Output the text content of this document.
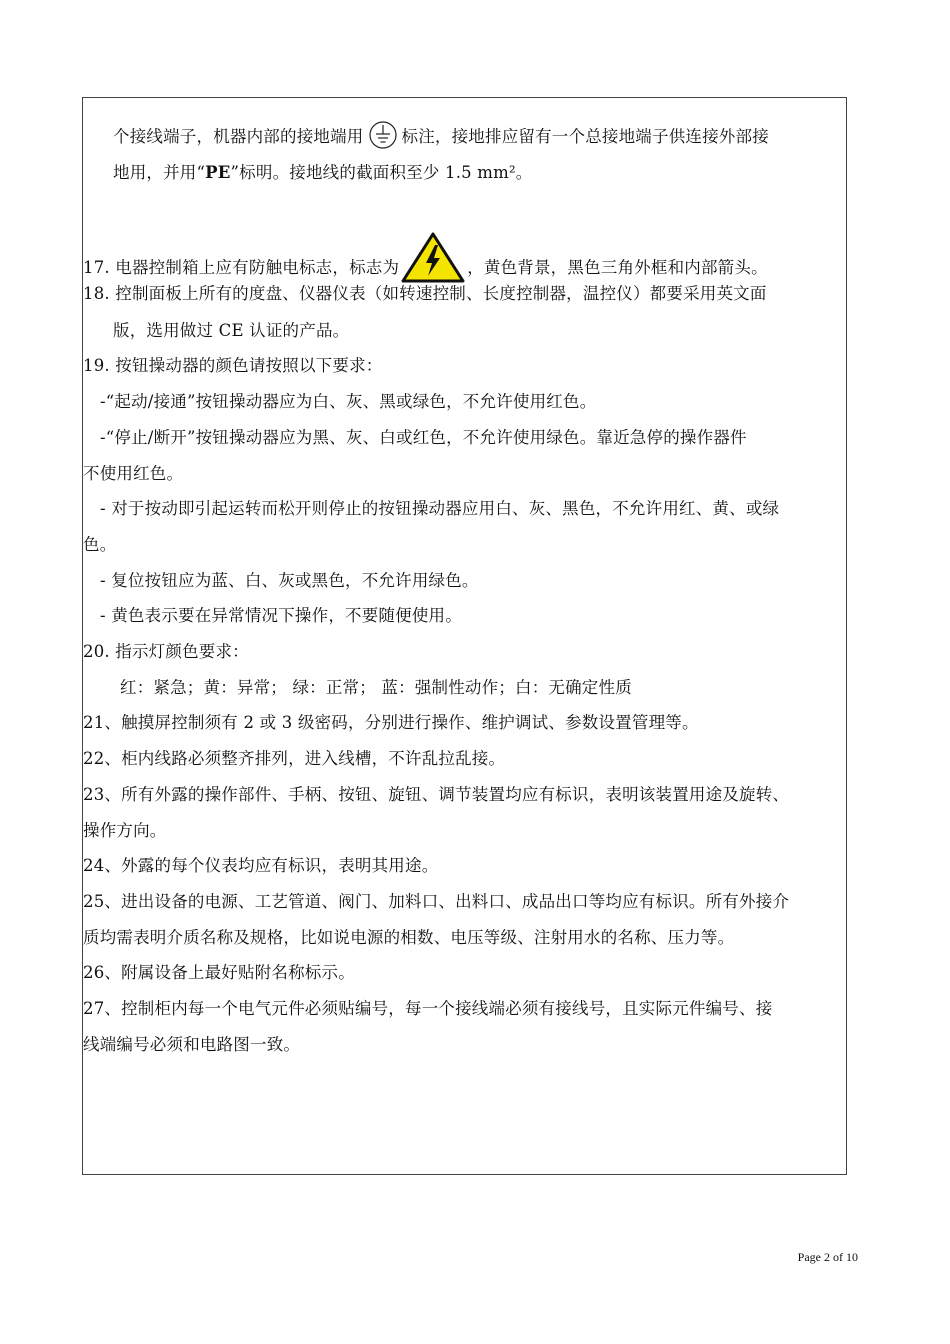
个接线端子，机器内部的接地端用 标注，接地排应留有一个总接地端子供连接外部接
地用，并用“PE”标明。接地线的截面积至少 1.5 mm²。
17. 电器控制箱上应有防触电标志，标志为	，黄色背景，黑色三角外框和内部箭头。
18. 控制面板上所有的度盘、仪器仪表（如转速控制、长度控制器，温控仪）都要采用英文面
版，选用做过 CE 认证的产品。
19. 按钮操动器的颜色请按照以下要求：
-“起动/接通”按钮操动器应为白、灰、黑或绿色，不允许使用红色。
-“停止/断开”按钮操动器应为黑、灰、白或红色，不允许使用绿色。靠近急停的操作器件
不使用红色。
- 对于按动即引起运转而松开则停止的按钮操动器应用白、灰、黑色，不允许用红、黄、或绿
色。
- 复位按钮应为蓝、白、灰或黑色，不允许用绿色。
- 黄色表示要在异常情况下操作，不要随便使用。
20. 指示灯颜色要求：
红：紧急；黄：异常； 绿：正常； 蓝：强制性动作；白：无确定性质
21、触摸屏控制须有 2 或 3 级密码，分别进行操作、维护调试、参数设置管理等。
22、柜内线路必须整齐排列，进入线槽，不许乱拉乱接。
23、所有外露的操作部件、手柄、按钮、旋钮、调节装置均应有标识，表明该装置用途及旋转、
操作方向。
24、外露的每个仪表均应有标识，表明其用途。
25、进出设备的电源、工艺管道、阀门、加料口、出料口、成品出口等均应有标识。所有外接介
质均需表明介质名称及规格，比如说电源的相数、电压等级、注射用水的名称、压力等。
26、附属设备上最好贴附名称标示。
27、控制柜内每一个电气元件必须贴编号，每一个接线端必须有接线号，且实际元件编号、接
线端编号必须和电路图一致。
Page 2 of 10
